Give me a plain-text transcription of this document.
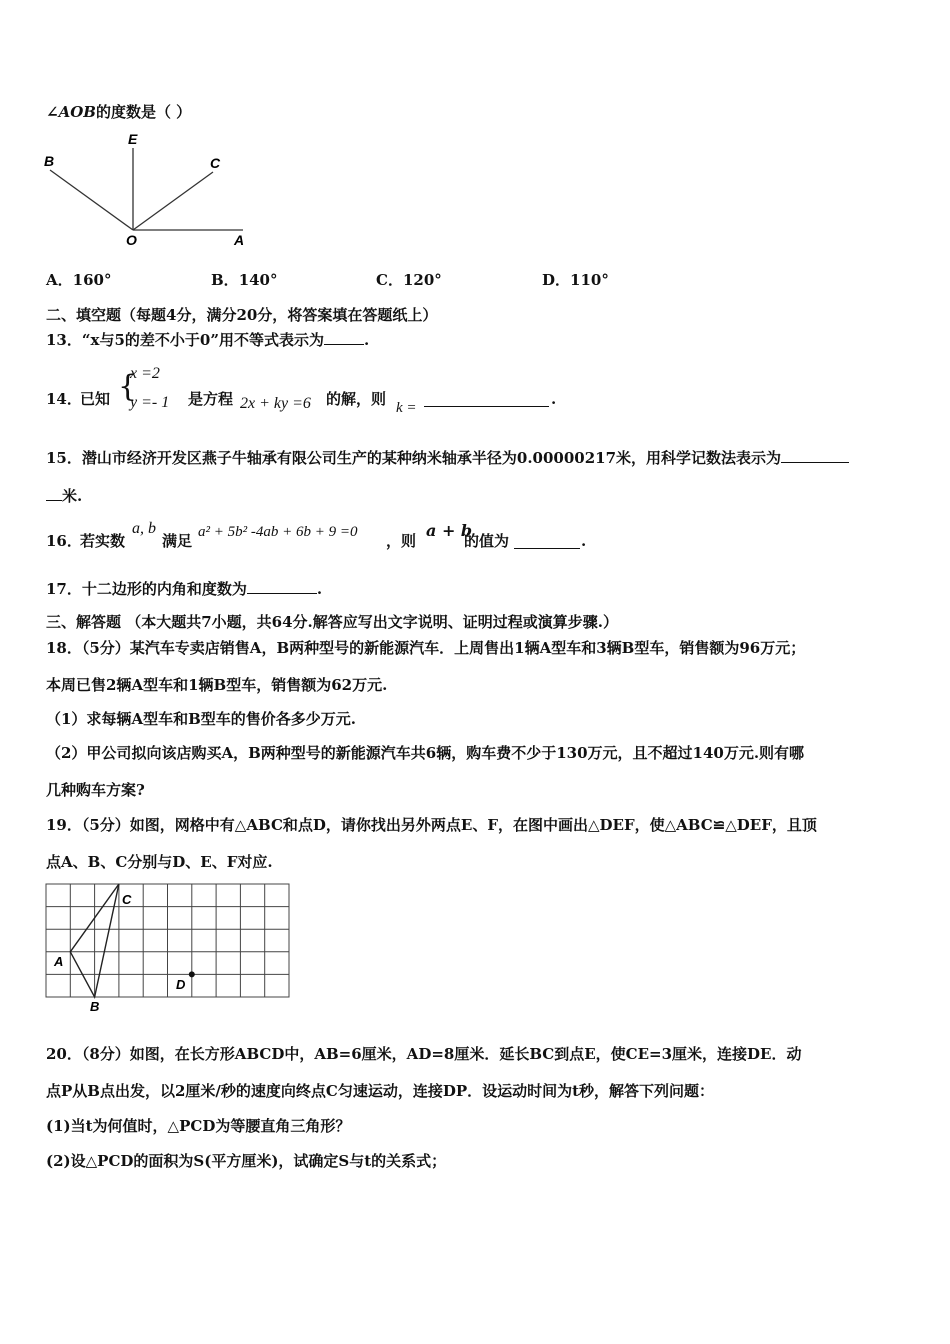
∠AOB的度数是（ ）
B
E
C
O	A
A．160°	B．140°	C．120°	D．110°
二、填空题（每题4分，满分20分，将答案填在答题纸上）
13．“x与5的差不小于0”用不等式表示为	.
14．
已知 {
x =2
y =- 1 是方程 2x + ky =6 的解，则 k =	.
15．潜山市经济开发区燕子牛轴承有限公司生产的某种纳米轴承半径为0.00000217米，用科学记数法表示为
米.
16．
若实数
a, b
满足 a² + 5b² -4ab + 6b + 9 =0 ，则
a + b
的值为	.
17．十二边形的内角和度数为	.
三、解答题 （本大题共7小题，共64分.解答应写出文字说明、证明过程或演算步骤.）
18．（5分）某汽车专卖店销售A，B两种型号的新能源汽车．上周售出1辆A型车和3辆B型车，销售额为96万元；
本周已售2辆A型车和1辆B型车，销售额为62万元.
（1）求每辆A型车和B型车的售价各多少万元.
（2）甲公司拟向该店购买A，B两种型号的新能源汽车共6辆，购车费不少于130万元，且不超过140万元.则有哪
几种购车方案?
19．（5分）如图，网格中有△ABC和点D，请你找出另外两点E、F，在图中画出△DEF，使△ABC≌△DEF，且顶
点A、B、C分别与D、E、F对应.
A
B
C
D
20．（8分）如图，在长方形ABCD中，AB=6厘米，AD=8厘米．延长BC到点E，使CE=3厘米，连接DE．动
点P从B点出发，以2厘米/秒的速度向终点C匀速运动，连接DP．设运动时间为t秒，解答下列问题：
(1)当t为何值时，△PCD为等腰直角三角形？
(2)设△PCD的面积为S(平方厘米)，试确定S与t的关系式；
